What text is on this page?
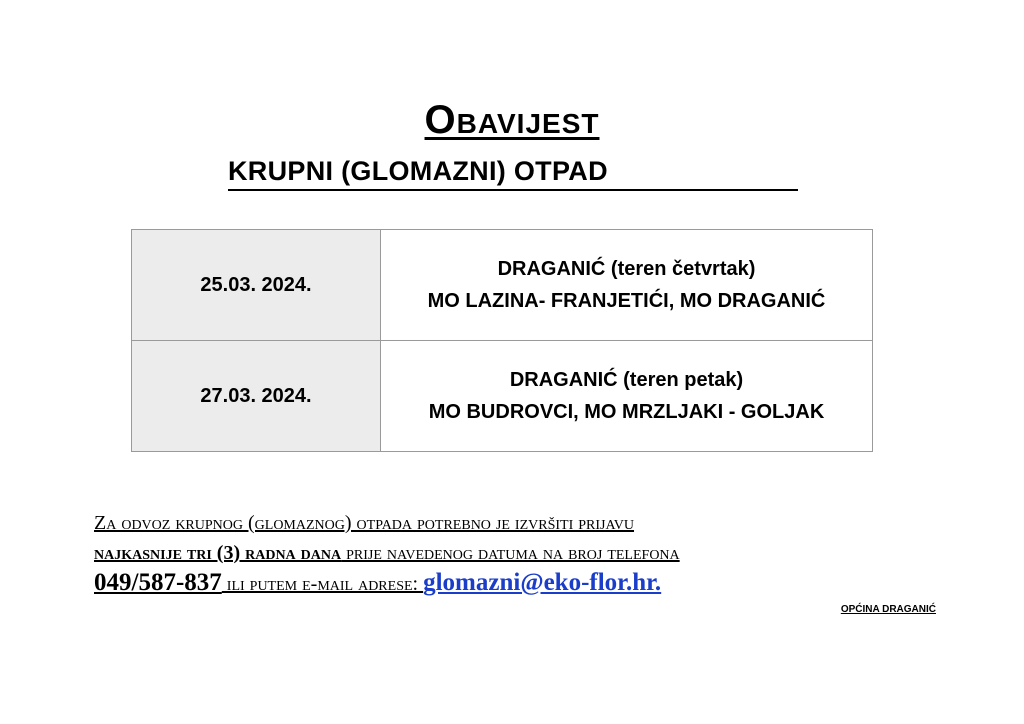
Obavijest
KRUPNI (GLOMAZNI) OTPAD
25.03. 2024.	DRAGANIĆ (teren četvrtak)
MO LAZINA- FRANJETIĆI, MO DRAGANIĆ

27.03. 2024.	DRAGANIĆ (teren petak)
MO BUDROVCI, MO MRZLJAKI - GOLJAK
Za odvoz krupnog (glomaznog) otpada potrebno je izvršiti prijavu
najkasnije tri (3) radna dana prije navedenog datuma na broj telefona
049/587-837 ili putem e-mail adrese: glomazni@eko-flor.hr.
OPĆINA DRAGANIĆ
